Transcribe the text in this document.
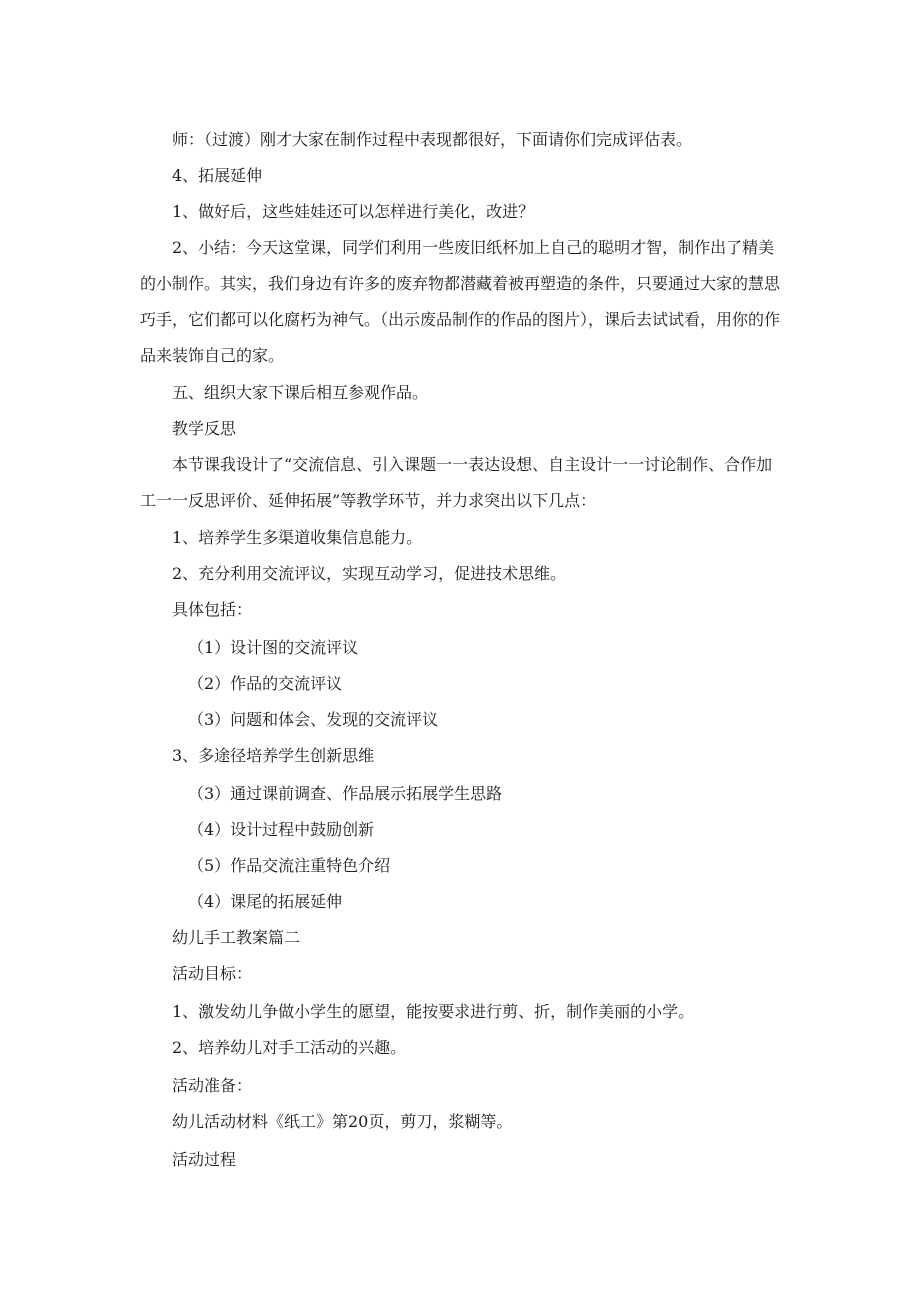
师：（过渡）刚才大家在制作过程中表现都很好，下面请你们完成评估表。

4、拓展延伸

1、做好后，这些娃娃还可以怎样进行美化，改进？

2、小结：今天这堂课，同学们利用一些废旧纸杯加上自己的聪明才智，制作出了精美的小制作。其实，我们身边有许多的废弃物都潜藏着被再塑造的条件，只要通过大家的慧思巧手，它们都可以化腐朽为神气。（出示废品制作的作品的图片），课后去试试看，用你的作品来装饰自己的家。

五、组织大家下课后相互参观作品。

教学反思

本节课我设计了“交流信息、引入课题一一表达设想、自主设计一一讨论制作、合作加工一一反思评价、延伸拓展”等教学环节，并力求突出以下几点：

1、培养学生多渠道收集信息能力。

2、充分利用交流评议，实现互动学习，促进技术思维。

具体包括：

（1）设计图的交流评议

（2）作品的交流评议

（3）问题和体会、发现的交流评议

3、多途径培养学生创新思维

（3）通过课前调查、作品展示拓展学生思路

（4）设计过程中鼓励创新

（5）作品交流注重特色介绍

（4）课尾的拓展延伸

幼儿手工教案篇二

活动目标：

1、激发幼儿争做小学生的愿望，能按要求进行剪、折，制作美丽的小学。

2、培养幼儿对手工活动的兴趣。

活动准备：

幼儿活动材料《纸工》第20页，剪刀，浆糊等。

活动过程
